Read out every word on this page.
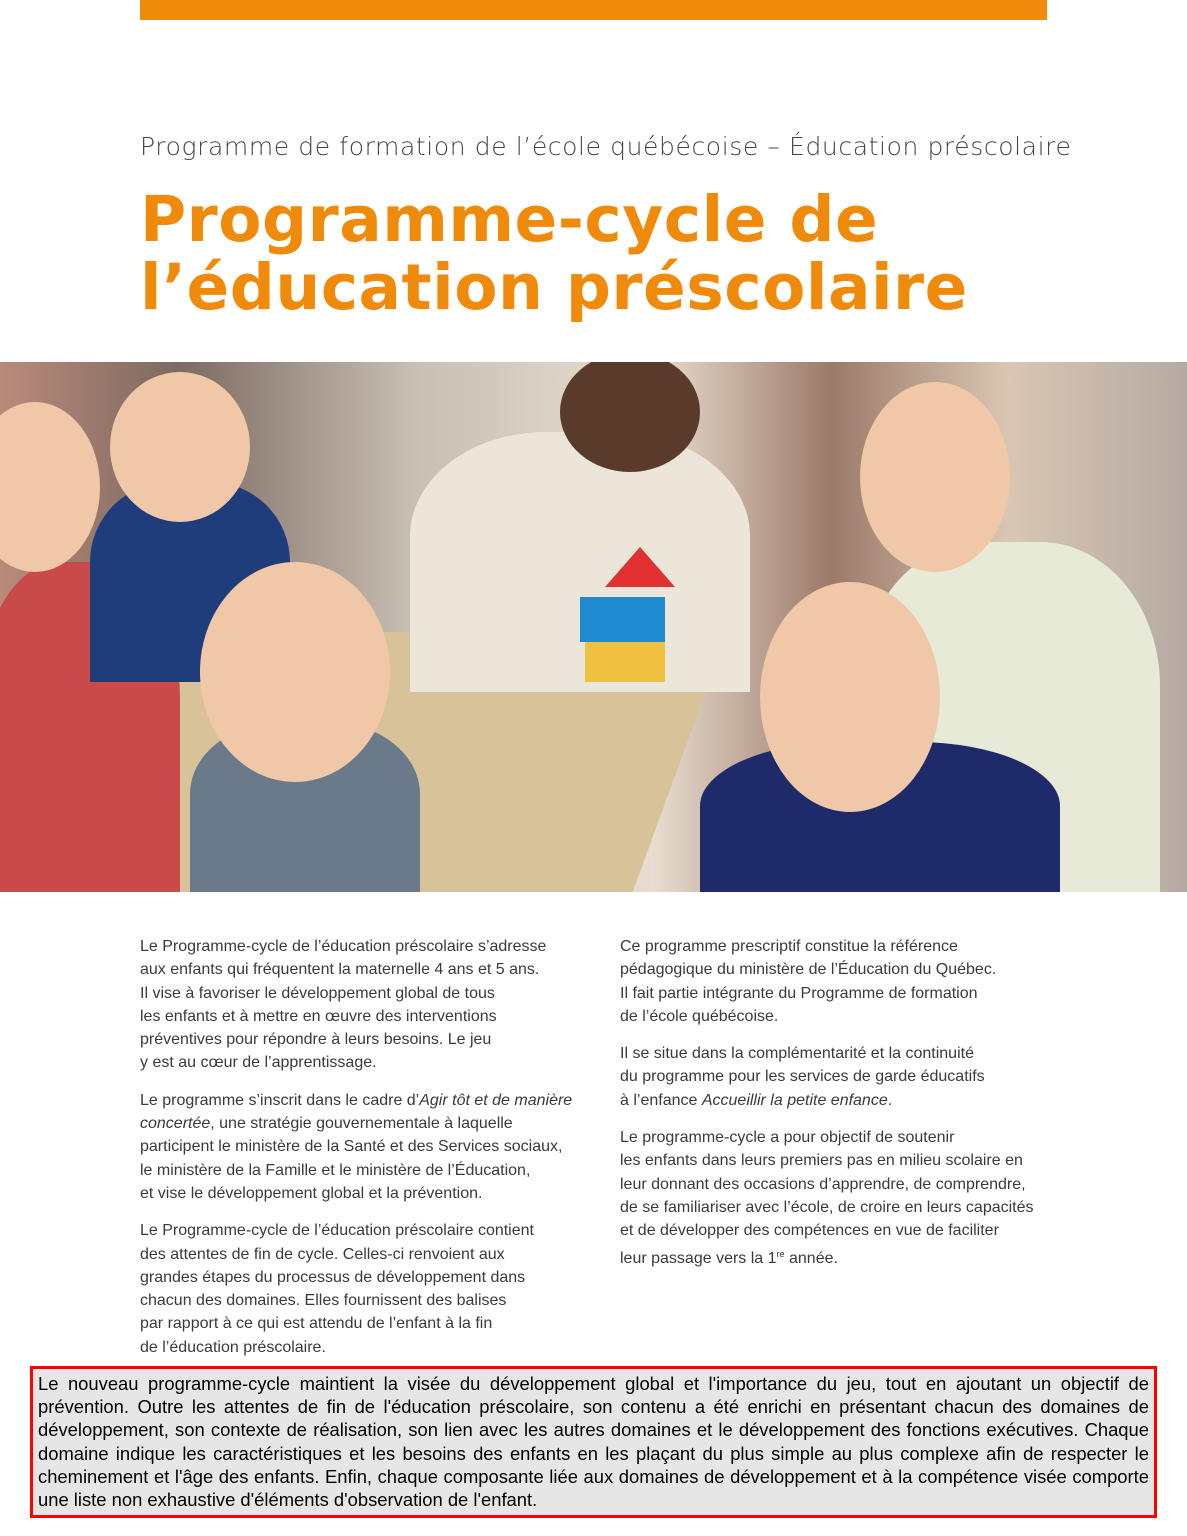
Programme de formation de l’école québécoise – Éducation préscolaire
Programme-cycle de
l’éducation préscolaire

Le Programme-cycle de l’éducation préscolaire s’adresse
aux enfants qui fréquentent la maternelle 4 ans et 5 ans.
Il vise à favoriser le développement global de tous
les enfants et à mettre en œuvre des interventions
préventives pour répondre à leurs besoins. Le jeu
y est au cœur de l’apprentissage.

Le programme s’inscrit dans le cadre d’Agir tôt et de manière
concertée, une stratégie gouvernementale à laquelle
participent le ministère de la Santé et des Services sociaux,
le ministère de la Famille et le ministère de l’Éducation,
et vise le développement global et la prévention.

Le Programme-cycle de l’éducation préscolaire contient
des attentes de fin de cycle. Celles-ci renvoient aux
grandes étapes du processus de développement dans
chacun des domaines. Elles fournissent des balises
par rapport à ce qui est attendu de l’enfant à la fin
de l’éducation préscolaire.

Ce programme prescriptif constitue la référence
pédagogique du ministère de l’Éducation du Québec.
Il fait partie intégrante du Programme de formation
de l’école québécoise.

Il se situe dans la complémentarité et la continuité
du programme pour les services de garde éducatifs
à l’enfance Accueillir la petite enfance.

Le programme-cycle a pour objectif de soutenir
les enfants dans leurs premiers pas en milieu scolaire en
leur donnant des occasions d’apprendre, de comprendre,
de se familiariser avec l’école, de croire en leurs capacités
et de développer des compétences en vue de faciliter
leur passage vers la 1re année.

Le nouveau programme-cycle maintient la visée du développement global et l'importance du jeu, tout en ajoutant un objectif de prévention. Outre les attentes de fin de l'éducation préscolaire, son contenu a été enrichi en présentant chacun des domaines de développement, son contexte de réalisation, son lien avec les autres domaines et le développement des fonctions exécutives. Chaque domaine indique les caractéristiques et les besoins des enfants en les plaçant du plus simple au plus complexe afin de respecter le cheminement et l'âge des enfants. Enfin, chaque composante liée aux domaines de développement et à la compétence visée comporte une liste non exhaustive d'éléments d'observation de l'enfant.
